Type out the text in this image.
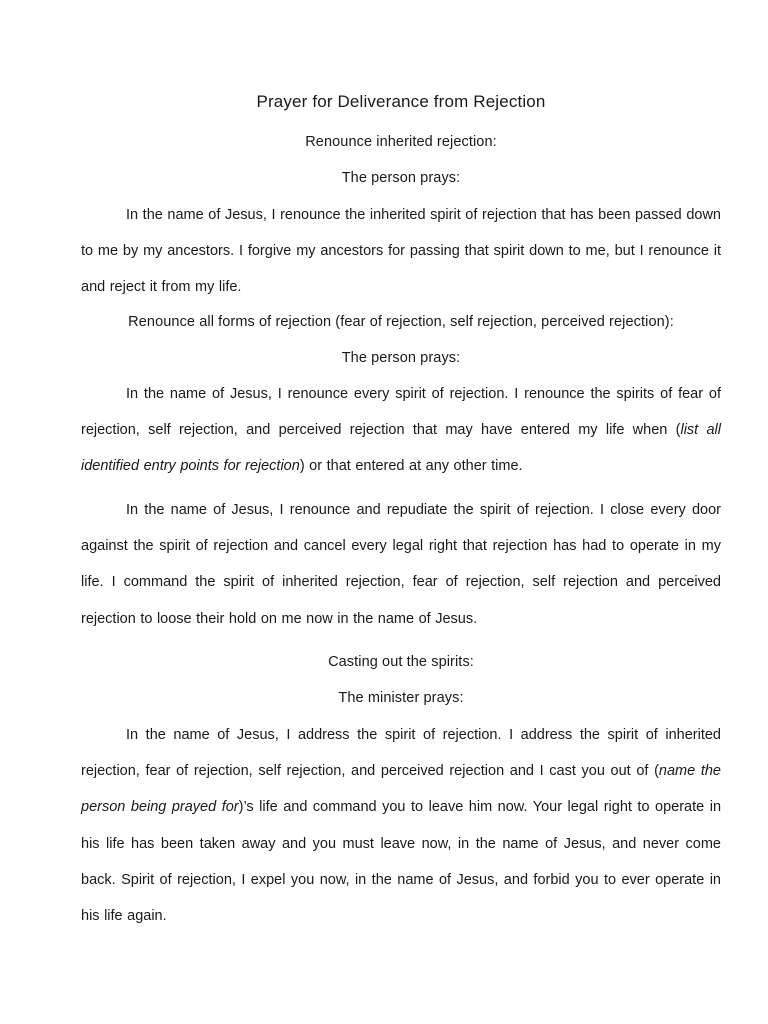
Prayer for Deliverance from Rejection
Renounce inherited rejection:
The person prays:
In the name of Jesus, I renounce the inherited spirit of rejection that has been passed down to me by my ancestors. I forgive my ancestors for passing that spirit down to me, but I renounce it and reject it from my life.
Renounce all forms of rejection (fear of rejection, self rejection, perceived rejection):
The person prays:
In the name of Jesus, I renounce every spirit of rejection. I renounce the spirits of fear of rejection, self rejection, and perceived rejection that may have entered my life when (list all identified entry points for rejection) or that entered at any other time.
In the name of Jesus, I renounce and repudiate the spirit of rejection. I close every door against the spirit of rejection and cancel every legal right that rejection has had to operate in my life. I command the spirit of inherited rejection, fear of rejection, self rejection and perceived rejection to loose their hold on me now in the name of Jesus.
Casting out the spirits:
The minister prays:
In the name of Jesus, I address the spirit of rejection. I address the spirit of inherited rejection, fear of rejection, self rejection, and perceived rejection and I cast you out of (name the person being prayed for)’s life and command you to leave him now. Your legal right to operate in his life has been taken away and you must leave now, in the name of Jesus, and never come back. Spirit of rejection, I expel you now, in the name of Jesus, and forbid you to ever operate in his life again.
